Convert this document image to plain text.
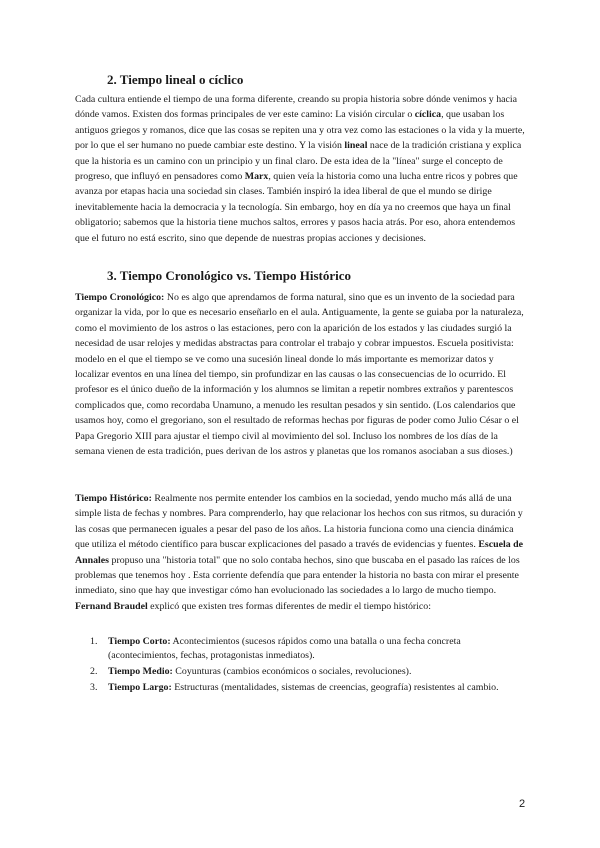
2. Tiempo lineal o cíclico

Cada cultura entiende el tiempo de una forma diferente, creando su propia historia sobre dónde venimos y hacia dónde vamos. Existen dos formas principales de ver este camino: La visión circular o cíclica, que usaban los antiguos griegos y romanos, dice que las cosas se repiten una y otra vez como las estaciones o la vida y la muerte, por lo que el ser humano no puede cambiar este destino. Y la visión lineal nace de la tradición cristiana y explica que la historia es un camino con un principio y un final claro. De esta idea de la "línea" surge el concepto de progreso, que influyó en pensadores como Marx, quien veía la historia como una lucha entre ricos y pobres que avanza por etapas hacia una sociedad sin clases. También inspiró la idea liberal de que el mundo se dirige inevitablemente hacia la democracia y la tecnología. Sin embargo, hoy en día ya no creemos que haya un final obligatorio; sabemos que la historia tiene muchos saltos, errores y pasos hacia atrás. Por eso, ahora entendemos que el futuro no está escrito, sino que depende de nuestras propias acciones y decisiones.

3. Tiempo Cronológico vs. Tiempo Histórico

Tiempo Cronológico: No es algo que aprendamos de forma natural, sino que es un invento de la sociedad para organizar la vida, por lo que es necesario enseñarlo en el aula. Antiguamente, la gente se guiaba por la naturaleza, como el movimiento de los astros o las estaciones, pero con la aparición de los estados y las ciudades surgió la necesidad de usar relojes y medidas abstractas para controlar el trabajo y cobrar impuestos. Escuela positivista: modelo en el que el tiempo se ve como una sucesión lineal donde lo más importante es memorizar datos y localizar eventos en una línea del tiempo, sin profundizar en las causas o las consecuencias de lo ocurrido. El profesor es el único dueño de la información y los alumnos se limitan a repetir nombres extraños y parentescos complicados que, como recordaba Unamuno, a menudo les resultan pesados y sin sentido. (Los calendarios que usamos hoy, como el gregoriano, son el resultado de reformas hechas por figuras de poder como Julio César o el Papa Gregorio XIII para ajustar el tiempo civil al movimiento del sol. Incluso los nombres de los días de la semana vienen de esta tradición, pues derivan de los astros y planetas que los romanos asociaban a sus dioses.)

Tiempo Histórico: Realmente nos permite entender los cambios en la sociedad, yendo mucho más allá de una simple lista de fechas y nombres. Para comprenderlo, hay que relacionar los hechos con sus ritmos, su duración y las cosas que permanecen iguales a pesar del paso de los años. La historia funciona como una ciencia dinámica que utiliza el método científico para buscar explicaciones del pasado a través de evidencias y fuentes. Escuela de Annales propuso una "historia total" que no solo contaba hechos, sino que buscaba en el pasado las raíces de los problemas que tenemos hoy . Esta corriente defendía que para entender la historia no basta con mirar el presente inmediato, sino que hay que investigar cómo han evolucionado las sociedades a lo largo de mucho tiempo. Fernand Braudel explicó que existen tres formas diferentes de medir el tiempo histórico:

1. Tiempo Corto: Acontecimientos (sucesos rápidos como una batalla o una fecha concreta (acontecimientos, fechas, protagonistas inmediatos).
2. Tiempo Medio: Coyunturas (cambios económicos o sociales, revoluciones).
3. Tiempo Largo: Estructuras (mentalidades, sistemas de creencias, geografía) resistentes al cambio.
2
